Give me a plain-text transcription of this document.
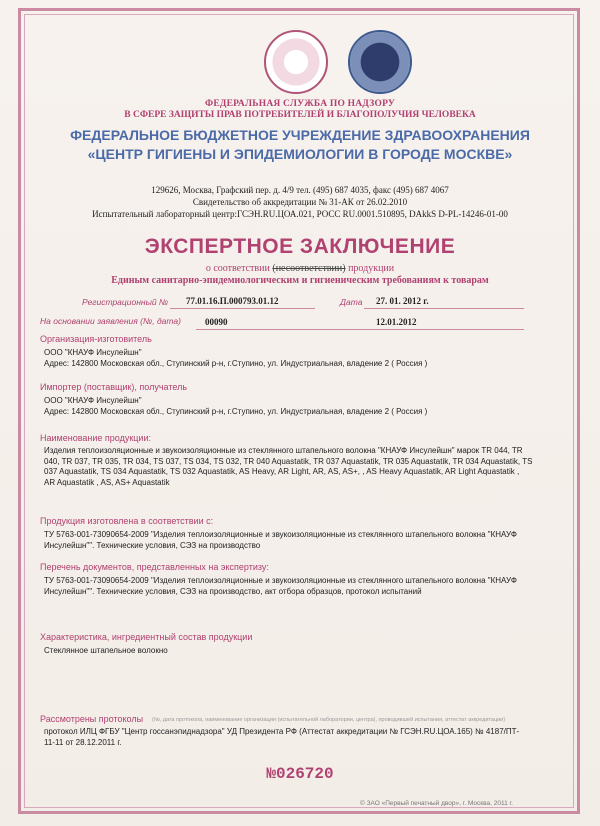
ФЕДЕРАЛЬНАЯ СЛУЖБА ПО НАДЗОРУ
В СФЕРЕ ЗАЩИТЫ ПРАВ ПОТРЕБИТЕЛЕЙ И БЛАГОПОЛУЧИЯ ЧЕЛОВЕКА
ФЕДЕРАЛЬНОЕ БЮДЖЕТНОЕ УЧРЕЖДЕНИЕ ЗДРАВООХРАНЕНИЯ
«ЦЕНТР ГИГИЕНЫ И ЭПИДЕМИОЛОГИИ В ГОРОДЕ МОСКВЕ»
129626, Москва, Графский пер. д. 4/9 тел. (495) 687 4035, факс (495) 687 4067
Свидетельство об аккредитации № 31-АК от 26.02.2010
Испытательный лабораторный центр:ГСЭН.RU.ЦОА.021, РОСС RU.0001.510895, DAkkS D-PL-14246-01-00
ЭКСПЕРТНОЕ ЗАКЛЮЧЕНИЕ
о соответствии (несоответствии) продукции
Единым санитарно-эпидемиологическим и гигиеническим требованиям к товарам
Регистрационный № 77.01.16.П.000793.01.12	Дата 27. 01. 2012 г.
На основании заявления (№, дата)	00090	12.01.2012
Организация-изготовитель
ООО "КНАУФ Инсулейшн"
Адрес: 142800 Московская обл., Ступинский р-н, г.Ступино, ул. Индустриальная, владение 2 ( Россия )
Импортер (поставщик), получатель
ООО "КНАУФ Инсулейшн"
Адрес: 142800 Московская обл., Ступинский р-н, г.Ступино, ул. Индустриальная, владение 2 ( Россия )
Наименование продукции:
Изделия теплоизоляционные и звукоизоляционные из стеклянного штапельного волокна "КНАУФ Инсулейшн" марок TR 044, TR
040, TR 037, TR 035, TR 034, TS 037, TS 034, TS 032, TR 040 Aquastatik, TR 037 Aquastatik, TR 035 Aquastatik, TR 034 Aquastatik, TS
037 Aquastatik, TS 034 Aquastatik, TS 032 Aquastatik, AS Heavy, AR Light, AR, AS, AS+, , AS Heavy Aquastatik, AR Light Aquastatik ,
AR Aquastatik , AS, AS+ Aquastatik
Продукция изготовлена в соответствии с:
ТУ 5763-001-73090654-2009 "Изделия теплоизоляционные и звукоизоляционные из стеклянного штапельного волокна "КНАУФ
Инсулейшн"". Технические условия, СЭЗ на производство
Перечень документов, представленных на экспертизу:
ТУ 5763-001-73090654-2009 "Изделия теплоизоляционные и звукоизоляционные из стеклянного штапельного волокна "КНАУФ
Инсулейшн"". Технические условия, СЭЗ на производство, акт отбора образцов, протокол испытаний
Характеристика, ингредиентный состав продукции
Стеклянное штапельное волокно
Рассмотрены протоколы (№, дата протокола, наименование организации (испытательной лаборатории, центра), проводившей испытания, аттестат аккредитации)
протокол ИЛЦ ФГБУ "Центр госсанэпиднадзора" УД Президента РФ (Аттестат аккредитации № ГСЭН.RU.ЦОА.165) № 4187/ПТ-
11-11 от 28.12.2011 г.
№026720
© ЗАО «Первый печатный двор», г. Москва, 2011 г.
